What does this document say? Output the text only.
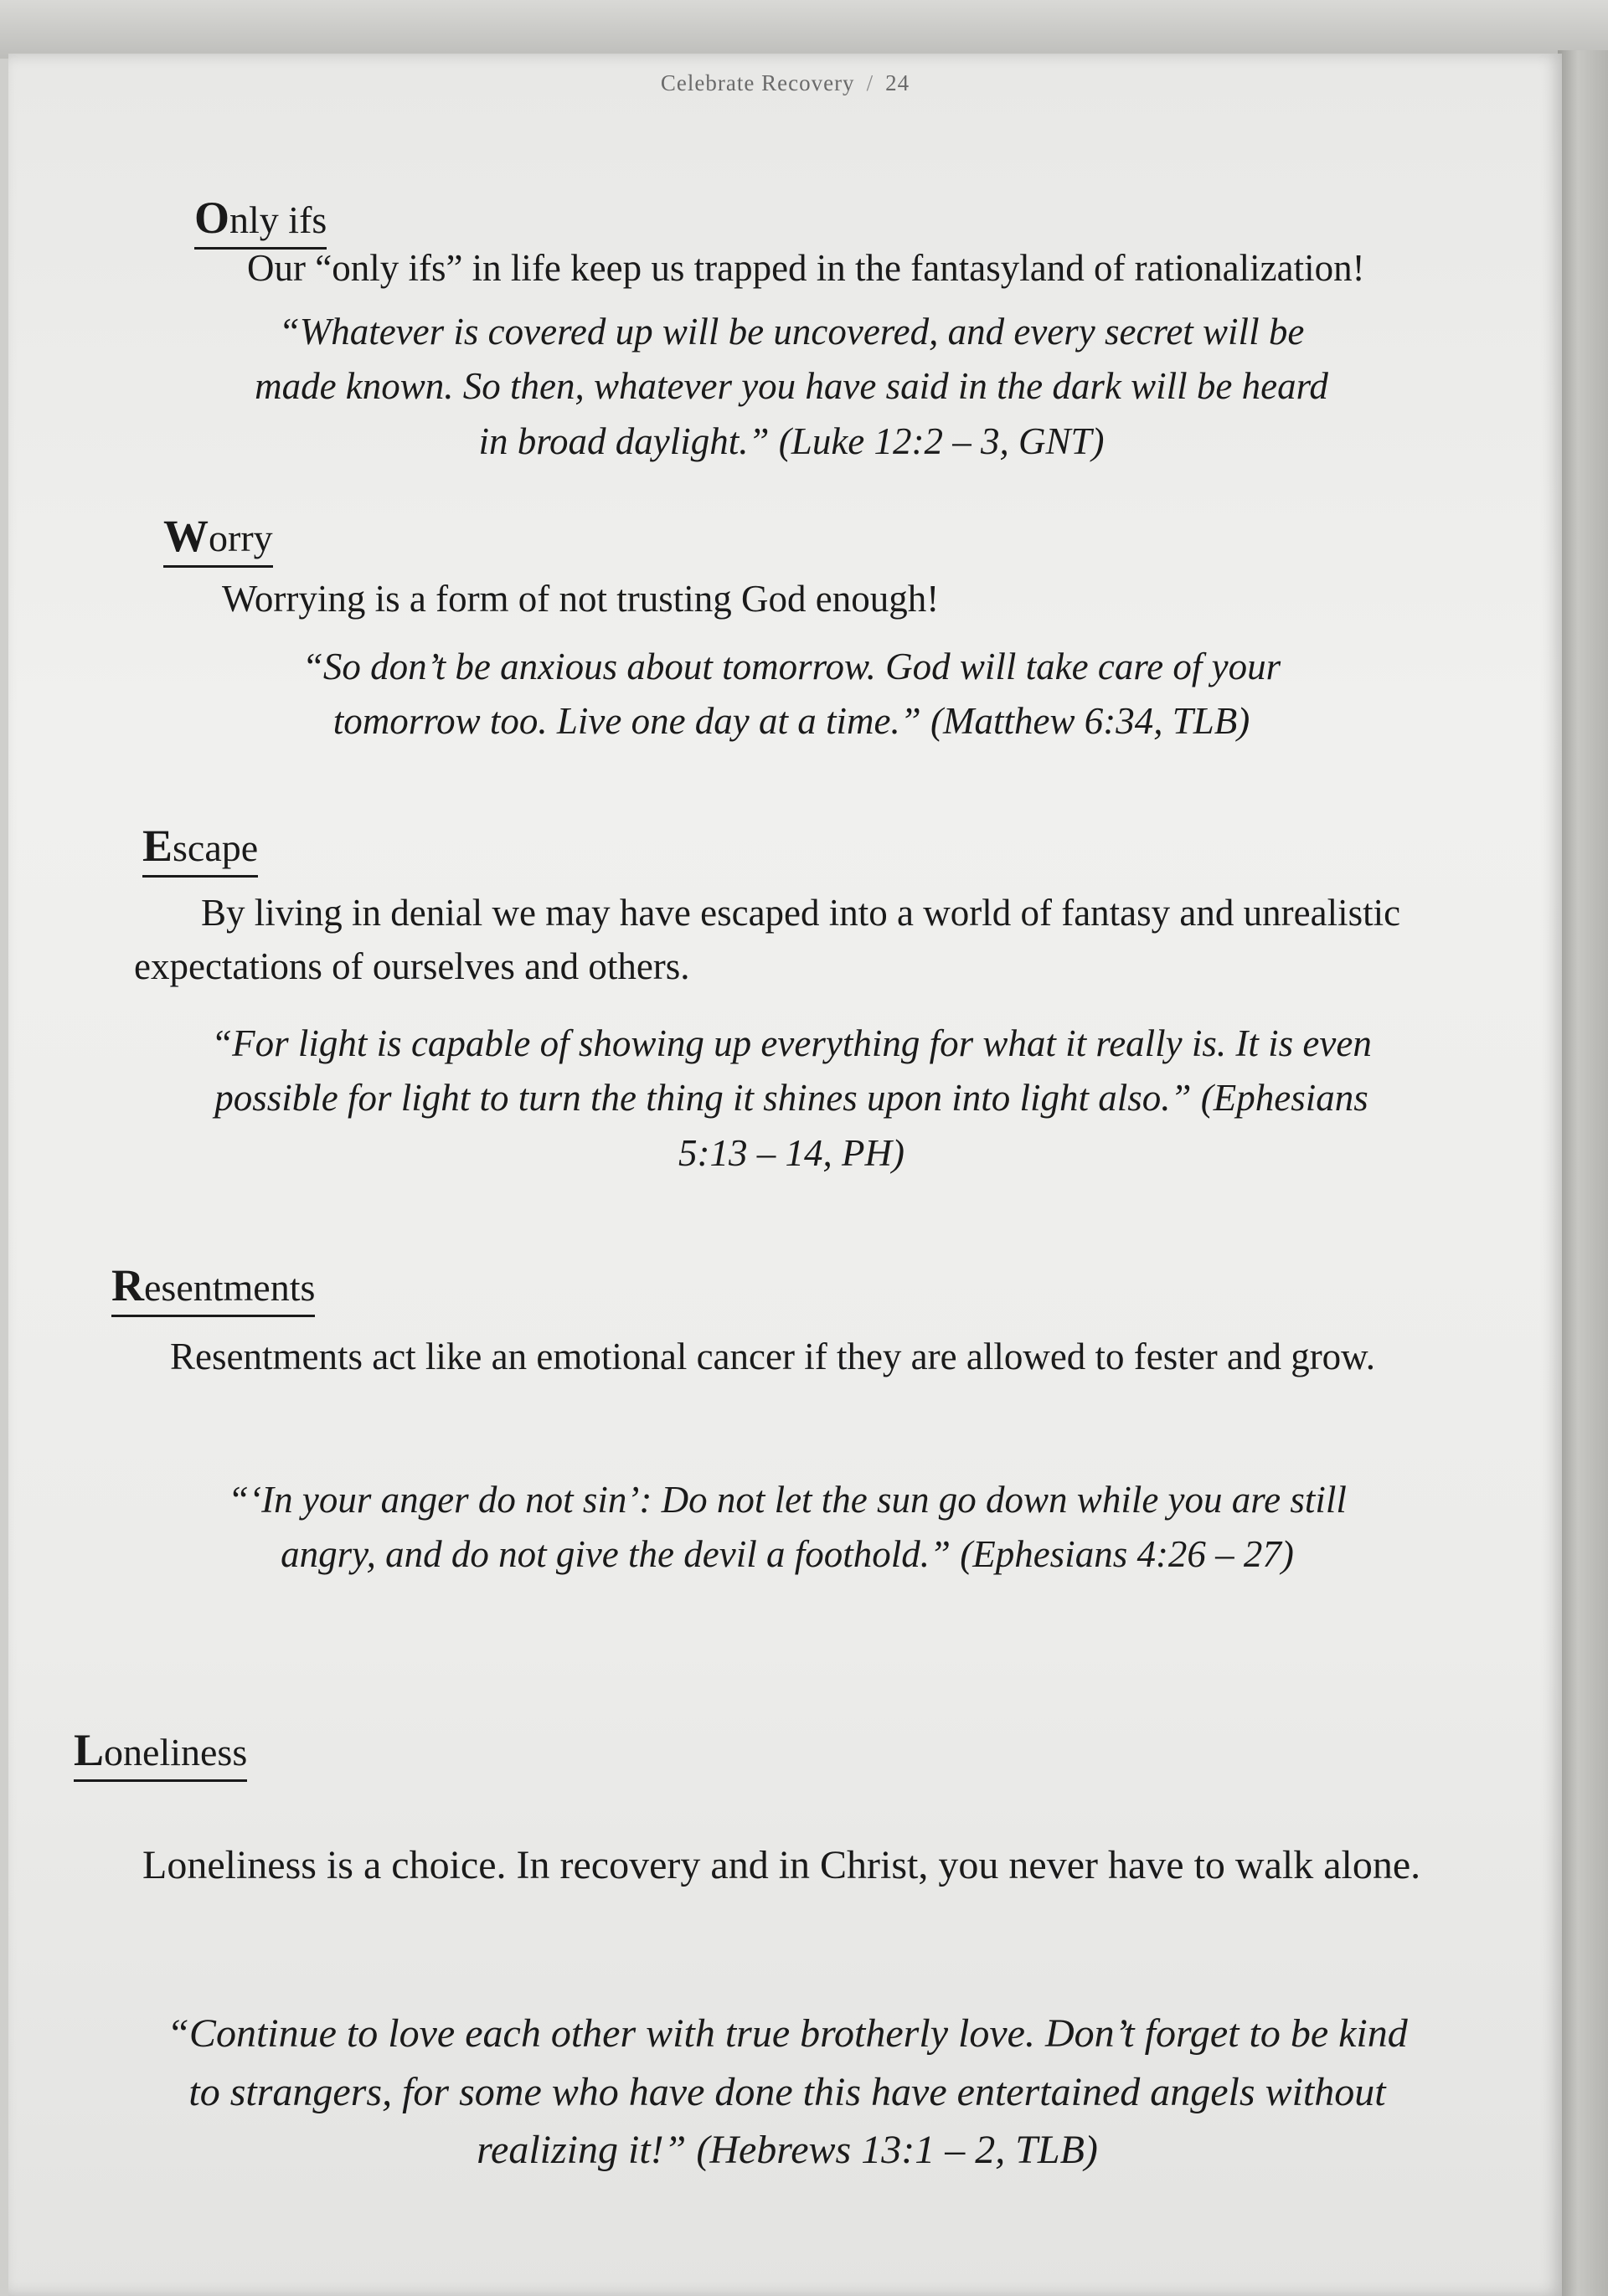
Celebrate Recovery / 24
Only ifs

Our “only ifs” in life keep us trapped in the fantasyland of rationalization!

“Whatever is covered up will be uncovered, and every secret will be made known. So then, whatever you have said in the dark will be heard in broad daylight.” (Luke 12:2 – 3, GNT)

Worry

Worrying is a form of not trusting God enough!

“So don’t be anxious about tomorrow. God will take care of your tomorrow too. Live one day at a time.” (Matthew 6:34, TLB)

Escape

By living in denial we may have escaped into a world of fantasy and unrealistic expectations of ourselves and others.

“For light is capable of showing up everything for what it really is. It is even possible for light to turn the thing it shines upon into light also.” (Ephesians 5:13 – 14, PH)

Resentments

Resentments act like an emotional cancer if they are allowed to fester and grow.

“‘In your anger do not sin’: Do not let the sun go down while you are still angry, and do not give the devil a foothold.” (Ephesians 4:26 – 27)

Loneliness

Loneliness is a choice. In recovery and in Christ, you never have to walk alone.

“Continue to love each other with true brotherly love. Don’t forget to be kind to strangers, for some who have done this have entertained angels without realizing it!” (Hebrews 13:1 – 2, TLB)
